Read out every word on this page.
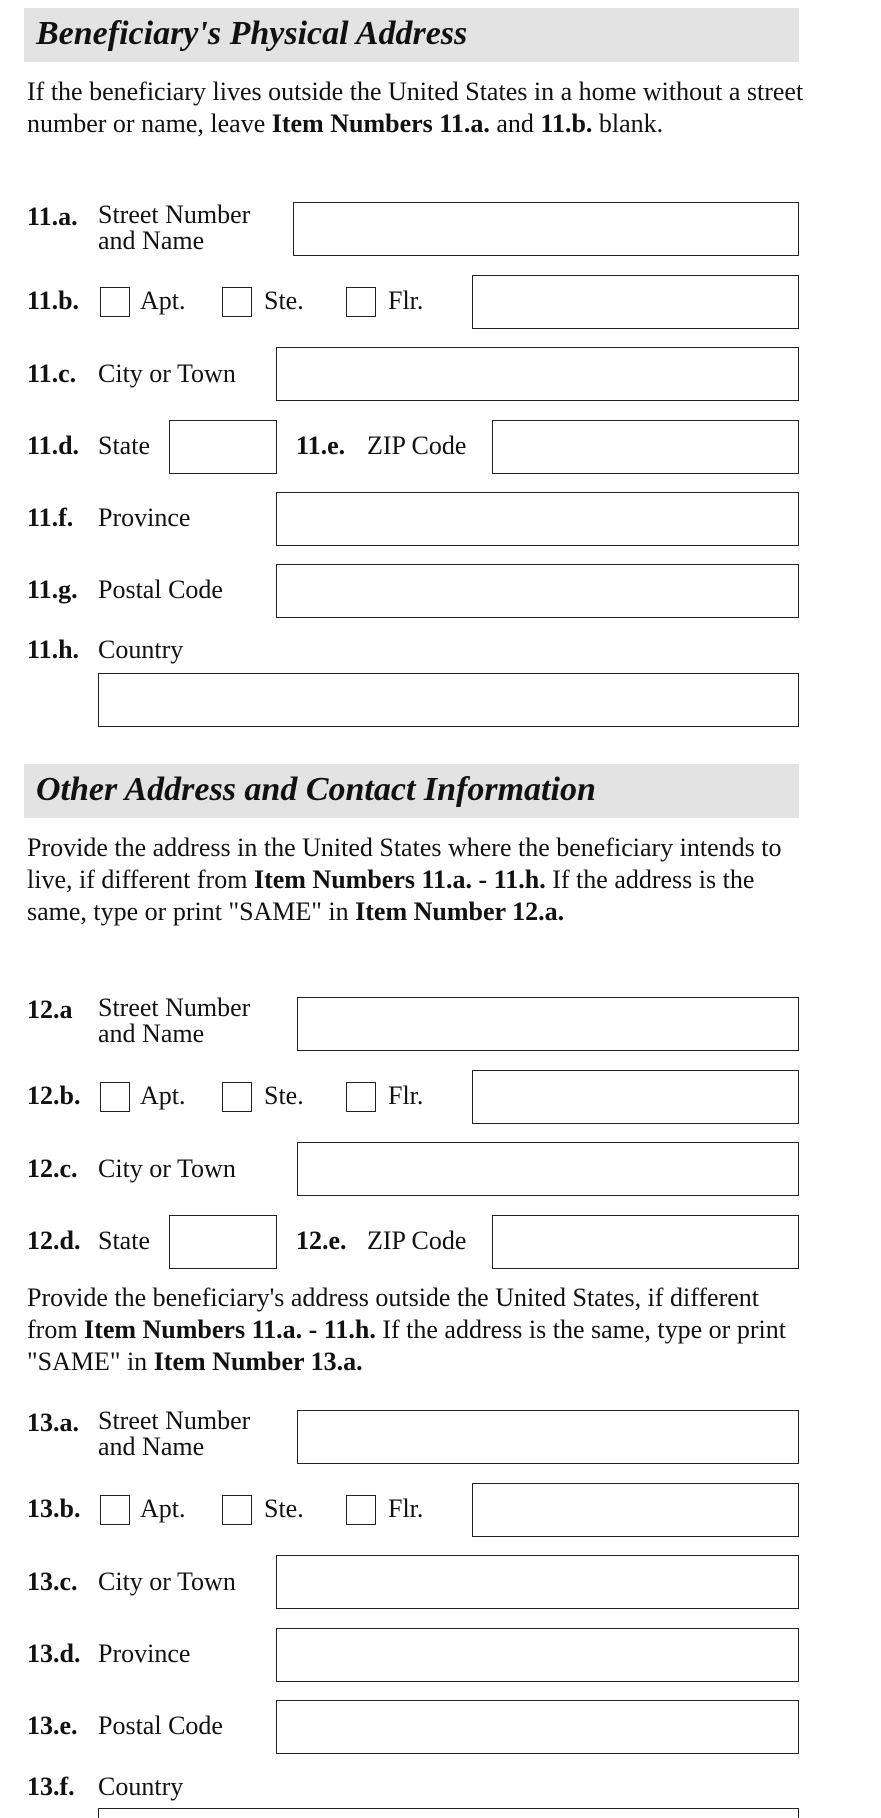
Beneficiary's Physical Address
If the beneficiary lives outside the United States in a home without a street number or name, leave Item Numbers 11.a. and 11.b. blank.
11.a. Street Number
and Name
11.b. Apt.	Ste.	Flr.
11.c. City or Town
11.d. State	11.e. ZIP Code
11.f. Province
11.g. Postal Code
11.h. Country
Other Address and Contact Information
Provide the address in the United States where the beneficiary intends to live, if different from Item Numbers 11.a. - 11.h. If the address is the same, type or print "SAME" in Item Number 12.a.
12.a Street Number
and Name
12.b. Apt.	Ste.	Flr.
12.c. City or Town
12.d. State	12.e. ZIP Code
Provide the beneficiary's address outside the United States, if different from Item Numbers 11.a. - 11.h. If the address is the same, type or print "SAME" in Item Number 13.a.
13.a. Street Number
and Name
13.b. Apt.	Ste.	Flr.
13.c. City or Town
13.d. Province
13.e. Postal Code
13.f. Country
